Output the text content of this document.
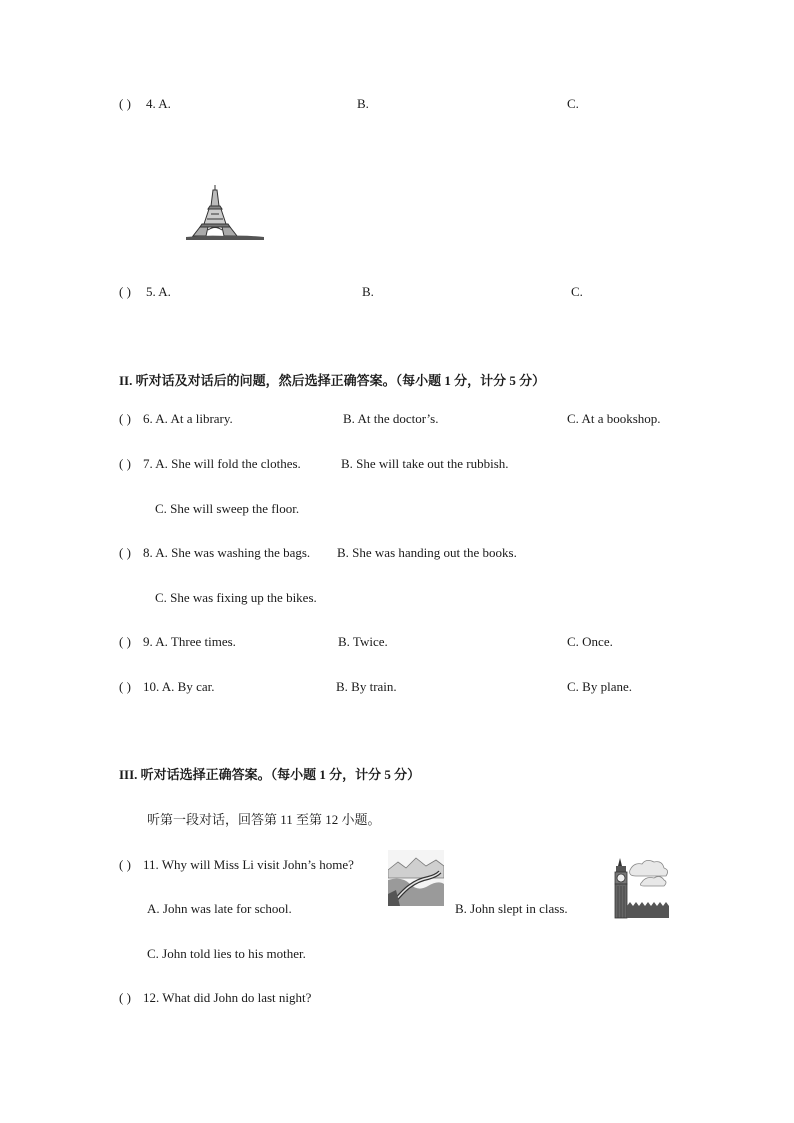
( ) 4. A.	B.	C.
( ) 5. A.	B.	C.
II. 听对话及对话后的问题，然后选择正确答案。（每小题 1 分，计分 5 分）
( ) 6. A. At a library.	B. At the doctor’s.	C. At a bookshop.
( ) 7. A. She will fold the clothes.	B. She will take out the rubbish.
C. She will sweep the floor.
( ) 8. A. She was washing the bags. B. She was handing out the books.
C. She was fixing up the bikes.
( ) 9. A. Three times.	B. Twice.	C. Once.
( ) 10. A. By car.	B. By train.	C. By plane.
III. 听对话选择正确答案。（每小题 1 分，计分 5 分）
听第一段对话，回答第 11 至第 12 小题。
( ) 11. Why will Miss Li visit John’s home?
A. John was late for school.	B. John slept in class.
C. John told lies to his mother.
( ) 12. What did John do last night?
